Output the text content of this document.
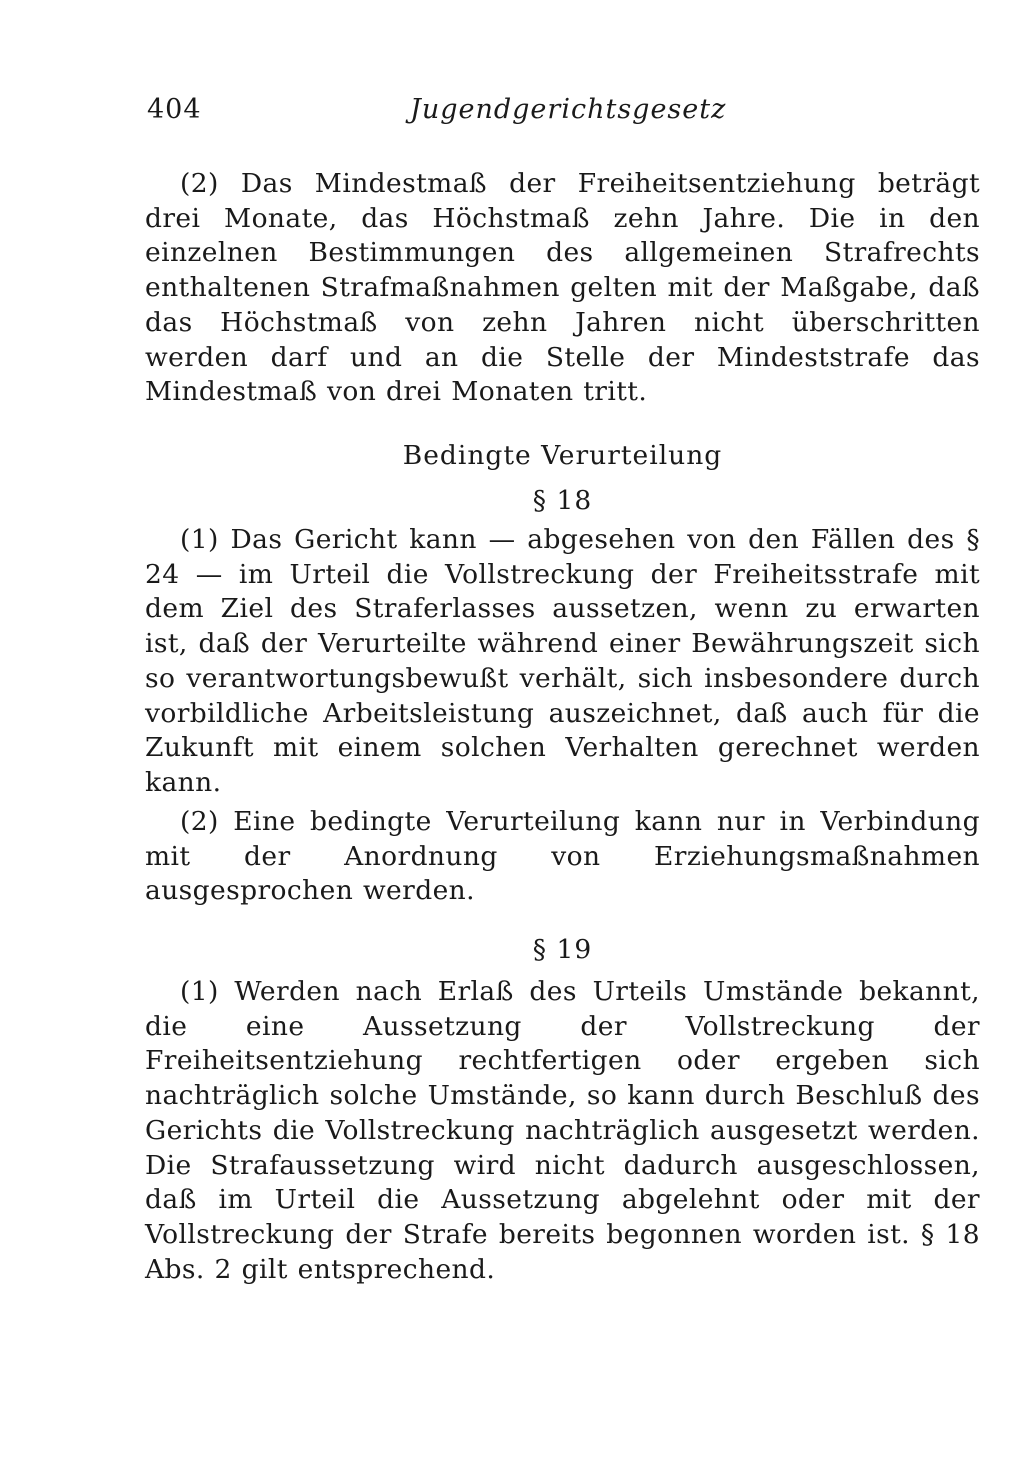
404	Jugendgerichtsgesetz

(2) Das Mindestmaß der Freiheitsentziehung beträgt drei Monate, das Höchstmaß zehn Jahre. Die in den einzelnen Bestimmungen des allgemeinen Strafrechts enthaltenen Strafmaßnahmen gelten mit der Maßgabe, daß das Höchstmaß von zehn Jahren nicht überschritten werden darf und an die Stelle der Mindeststrafe das Mindestmaß von drei Monaten tritt.

Bedingte Verurteilung
§ 18

(1) Das Gericht kann — abgesehen von den Fällen des § 24 — im Urteil die Vollstreckung der Freiheitsstrafe mit dem Ziel des Straferlasses aussetzen, wenn zu erwarten ist, daß der Verurteilte während einer Bewährungszeit sich so verantwortungsbewußt verhält, sich insbesondere durch vorbildliche Arbeitsleistung auszeichnet, daß auch für die Zukunft mit einem solchen Verhalten gerechnet werden kann.

(2) Eine bedingte Verurteilung kann nur in Verbindung mit der Anordnung von Erziehungsmaßnahmen ausgesprochen werden.

§ 19

(1) Werden nach Erlaß des Urteils Umstände bekannt, die eine Aussetzung der Vollstreckung der Freiheitsentziehung rechtfertigen oder ergeben sich nachträglich solche Umstände, so kann durch Beschluß des Gerichts die Vollstreckung nachträglich ausgesetzt werden. Die Strafaussetzung wird nicht dadurch ausgeschlossen, daß im Urteil die Aussetzung abgelehnt oder mit der Vollstreckung der Strafe bereits begonnen worden ist. § 18 Abs. 2 gilt entsprechend.
